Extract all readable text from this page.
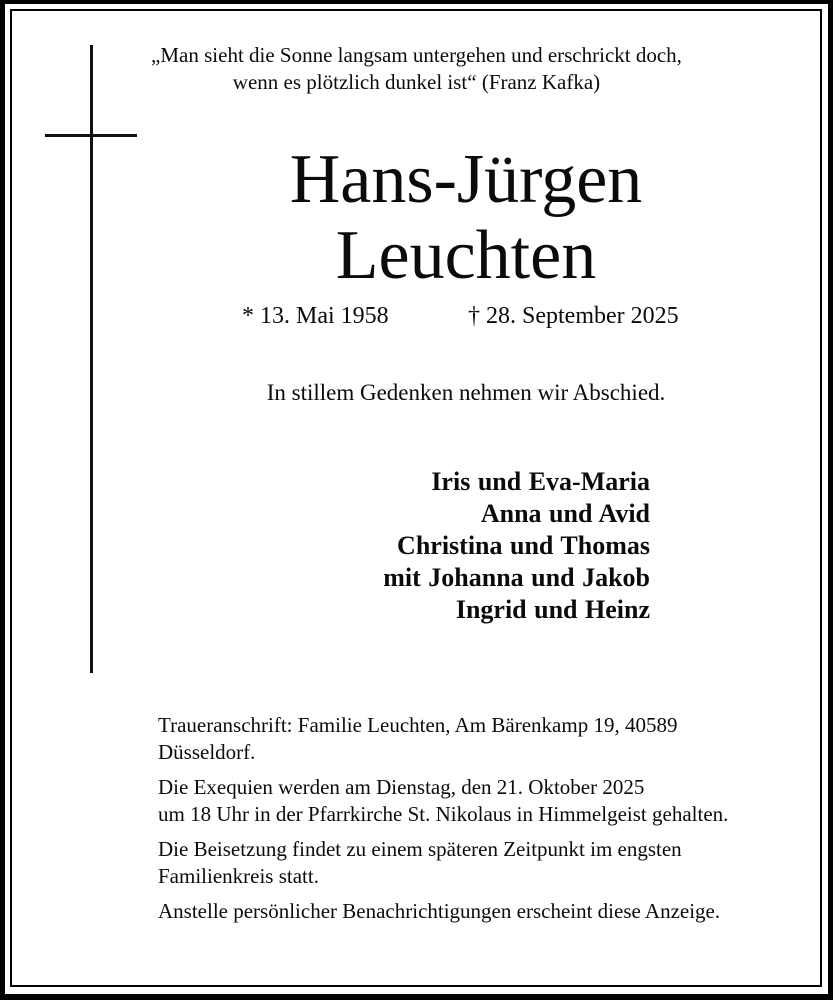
„Man sieht die Sonne langsam untergehen und erschrickt doch,
wenn es plötzlich dunkel ist“ (Franz Kafka)
Hans-Jürgen
Leuchten
* 13. Mai 1958	† 28. September 2025
In stillem Gedenken nehmen wir Abschied.
Iris und Eva-Maria
Anna und Avid
Christina und Thomas
mit Johanna und Jakob
Ingrid und Heinz

Traueranschrift: Familie Leuchten, Am Bärenkamp 19, 40589
Düsseldorf.

Die Exequien werden am Dienstag, den 21. Oktober 2025
um 18 Uhr in der Pfarrkirche St. Nikolaus in Himmelgeist gehalten.

Die Beisetzung findet zu einem späteren Zeitpunkt im engsten
Familienkreis statt.

Anstelle persönlicher Benachrichtigungen erscheint diese Anzeige.
